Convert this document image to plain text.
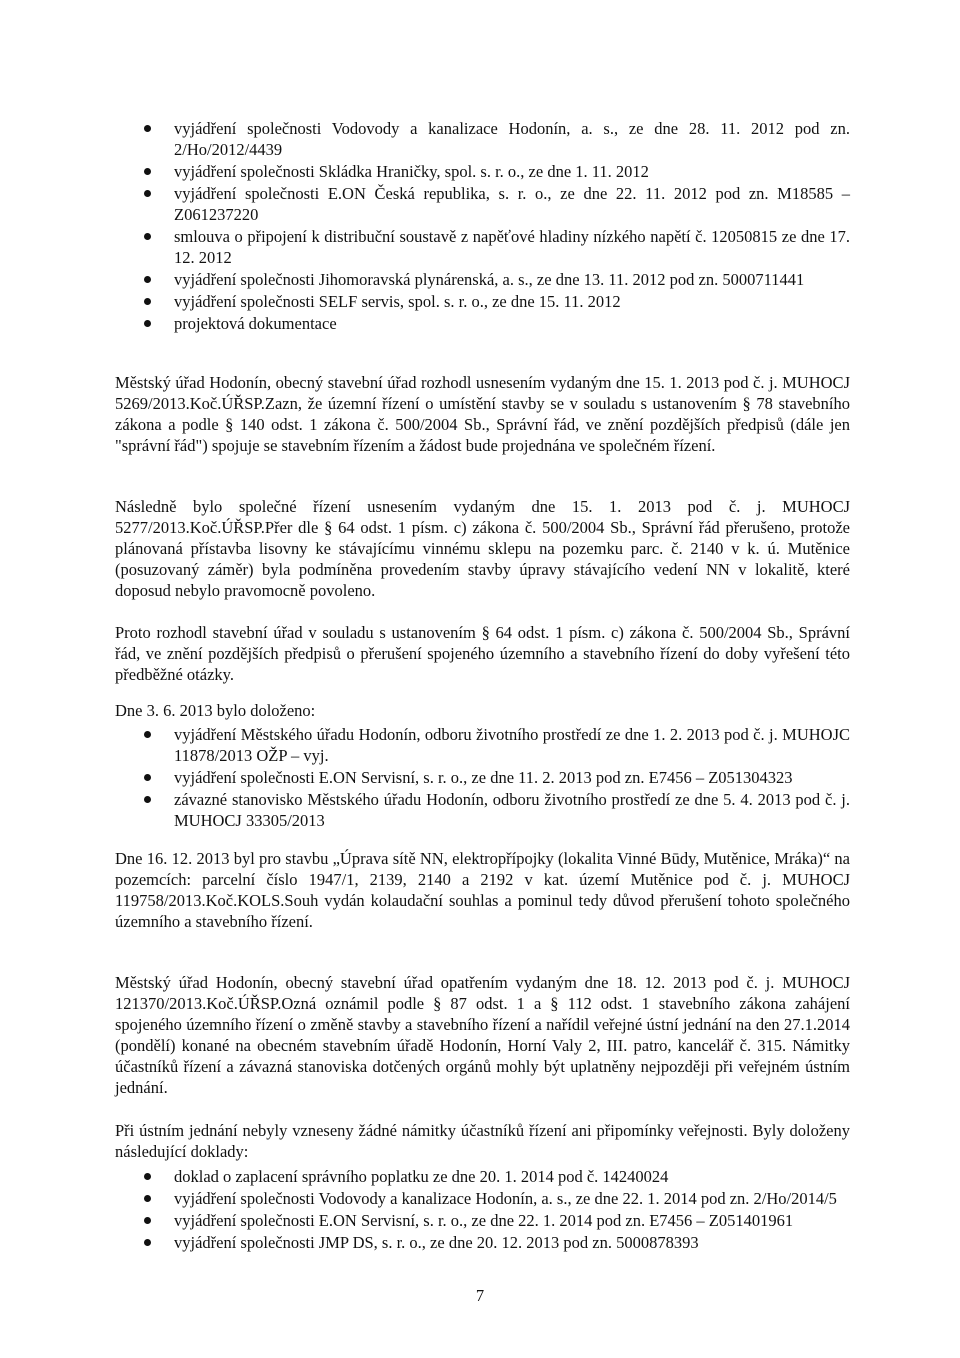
vyjádření společnosti Vodovody a kanalizace Hodonín, a. s., ze dne 28. 11. 2012 pod zn. 2/Ho/2012/4439
vyjádření společnosti Skládka Hraničky, spol. s. r. o., ze dne 1. 11. 2012
vyjádření společnosti E.ON Česká republika, s. r. o., ze dne 22. 11. 2012 pod zn. M18585 – Z061237220
smlouva o připojení k distribuční soustavě z napěťové hladiny nízkého napětí č. 12050815 ze dne 17. 12. 2012
vyjádření společnosti Jihomoravská plynárenská, a. s., ze dne 13. 11. 2012 pod zn. 5000711441
vyjádření společnosti SELF servis, spol. s. r. o., ze dne 15. 11. 2012
projektová dokumentace

Městský úřad Hodonín, obecný stavební úřad rozhodl usnesením vydaným dne 15. 1. 2013 pod č. j. MUHOCJ 5269/2013.Koč.ÚŘSP.Zazn, že územní řízení o umístění stavby se v souladu s ustanovením § 78 stavebního zákona a podle § 140 odst. 1 zákona č. 500/2004 Sb., Správní řád, ve znění pozdějších předpisů (dále jen "správní řád") spojuje se stavebním řízením a žádost bude projednána ve společném řízení.

Následně bylo společné řízení usnesením vydaným dne 15. 1. 2013 pod č. j. MUHOCJ 5277/2013.Koč.ÚŘSP.Přer dle § 64 odst. 1 písm. c) zákona č. 500/2004 Sb., Správní řád přerušeno, protože plánovaná přístavba lisovny ke stávajícímu vinnému sklepu na pozemku parc. č. 2140 v k. ú. Mutěnice (posuzovaný záměr) byla podmíněna provedením stavby úpravy stávajícího vedení NN v lokalitě, které doposud nebylo pravomocně povoleno.

Proto rozhodl stavební úřad v souladu s ustanovením § 64 odst. 1 písm. c) zákona č. 500/2004 Sb., Správní řád, ve znění pozdějších předpisů o přerušení spojeného územního a stavebního řízení do doby vyřešení této předběžné otázky.

Dne 3. 6. 2013 bylo doloženo:

vyjádření Městského úřadu Hodonín, odboru životního prostředí ze dne 1. 2. 2013 pod č. j. MUHOJC 11878/2013 OŽP – vyj.
vyjádření společnosti E.ON Servisní, s. r. o., ze dne 11. 2. 2013 pod zn. E7456 – Z051304323
závazné stanovisko Městského úřadu Hodonín, odboru životního prostředí ze dne 5. 4. 2013 pod č. j. MUHOCJ 33305/2013

Dne 16. 12. 2013 byl pro stavbu „Úprava sítě NN, elektropřípojky (lokalita Vinné Būdy, Mutěnice, Mráka)“ na pozemcích: parcelní číslo 1947/1, 2139, 2140 a 2192 v kat. území Mutěnice pod č. j. MUHOCJ 119758/2013.Koč.KOLS.Souh vydán kolaudační souhlas a pominul tedy důvod přerušení tohoto společného územního a stavebního řízení.

Městský úřad Hodonín, obecný stavební úřad opatřením vydaným dne 18. 12. 2013 pod č. j. MUHOCJ 121370/2013.Koč.ÚŘSP.Ozná oznámil podle § 87 odst. 1 a § 112 odst. 1 stavebního zákona zahájení spojeného územního řízení o změně stavby a stavebního řízení a nařídil veřejné ústní jednání na den 27.1.2014 (pondělí) konané na obecném stavebním úřadě Hodonín, Horní Valy 2, III. patro, kancelář č. 315. Námitky účastníků řízení a závazná stanoviska dotčených orgánů mohly být uplatněny nejpozději při veřejném ústním jednání.

Při ústním jednání nebyly vzneseny žádné námitky účastníků řízení ani připomínky veřejnosti. Byly doloženy následující doklady:

doklad o zaplacení správního poplatku ze dne 20. 1. 2014 pod č. 14240024
vyjádření společnosti Vodovody a kanalizace Hodonín, a. s., ze dne 22. 1. 2014 pod zn. 2/Ho/2014/5
vyjádření společnosti E.ON Servisní, s. r. o., ze dne 22. 1. 2014 pod zn. E7456 – Z051401961
vyjádření společnosti JMP DS, s. r. o., ze dne 20. 12. 2013 pod zn. 5000878393
7
